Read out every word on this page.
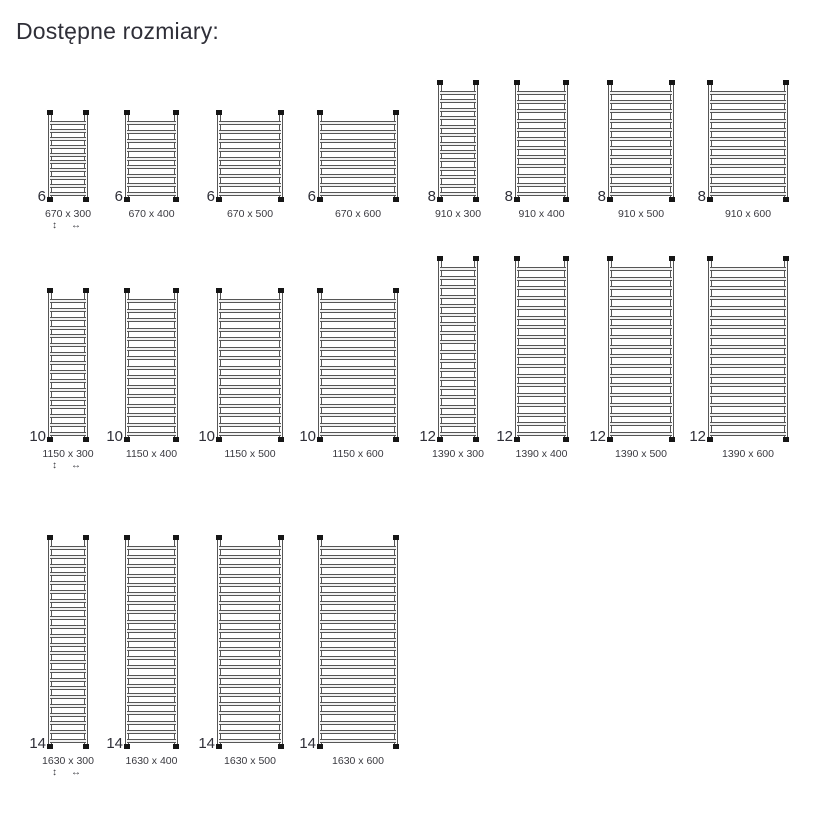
Dostępne rozmiary:
6
670 x 300
↕ ↔
6
670 x 400
6
670 x 500
6
670 x 600
8
910 x 300
8
910 x 400
8
910 x 500
8
910 x 600
10
1150 x 300
↕ ↔
10
1150 x 400
10
1150 x 500
10
1150 x 600
12
1390 x 300
12
1390 x 400
12
1390 x 500
12
1390 x 600
14
1630 x 300
↕ ↔
14
1630 x 400
14
1630 x 500
14
1630 x 600
